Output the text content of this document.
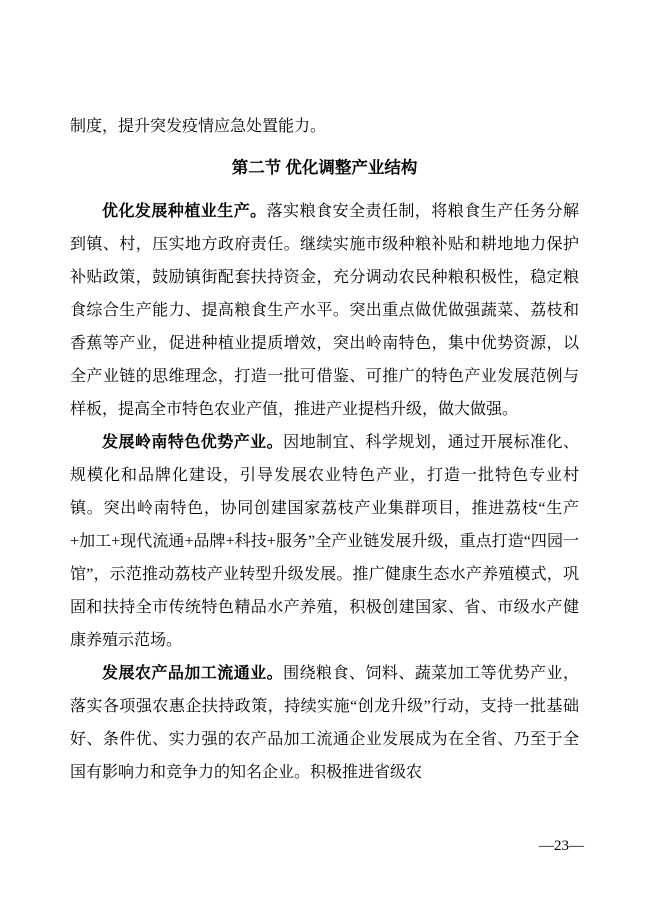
制度，提升突发疫情应急处置能力。

第二节 优化调整产业结构

优化发展种植业生产。落实粮食安全责任制，将粮食生产任务分解到镇、村，压实地方政府责任。继续实施市级种粮补贴和耕地地力保护补贴政策，鼓励镇街配套扶持资金，充分调动农民种粮积极性，稳定粮食综合生产能力、提高粮食生产水平。突出重点做优做强蔬菜、荔枝和香蕉等产业，促进种植业提质增效，突出岭南特色，集中优势资源，以全产业链的思维理念，打造一批可借鉴、可推广的特色产业发展范例与样板，提高全市特色农业产值，推进产业提档升级，做大做强。

发展岭南特色优势产业。因地制宜、科学规划，通过开展标准化、规模化和品牌化建设，引导发展农业特色产业，打造一批特色专业村镇。突出岭南特色，协同创建国家荔枝产业集群项目，推进荔枝“生产+加工+现代流通+品牌+科技+服务”全产业链发展升级，重点打造“四园一馆”，示范推动荔枝产业转型升级发展。推广健康生态水产养殖模式，巩固和扶持全市传统特色精品水产养殖，积极创建国家、省、市级水产健康养殖示范场。

发展农产品加工流通业。围绕粮食、饲料、蔬菜加工等优势产业，落实各项强农惠企扶持政策，持续实施“创龙升级”行动，支持一批基础好、条件优、实力强的农产品加工流通企业发展成为在全省、乃至于全国有影响力和竞争力的知名企业。积极推进省级农

—23—
